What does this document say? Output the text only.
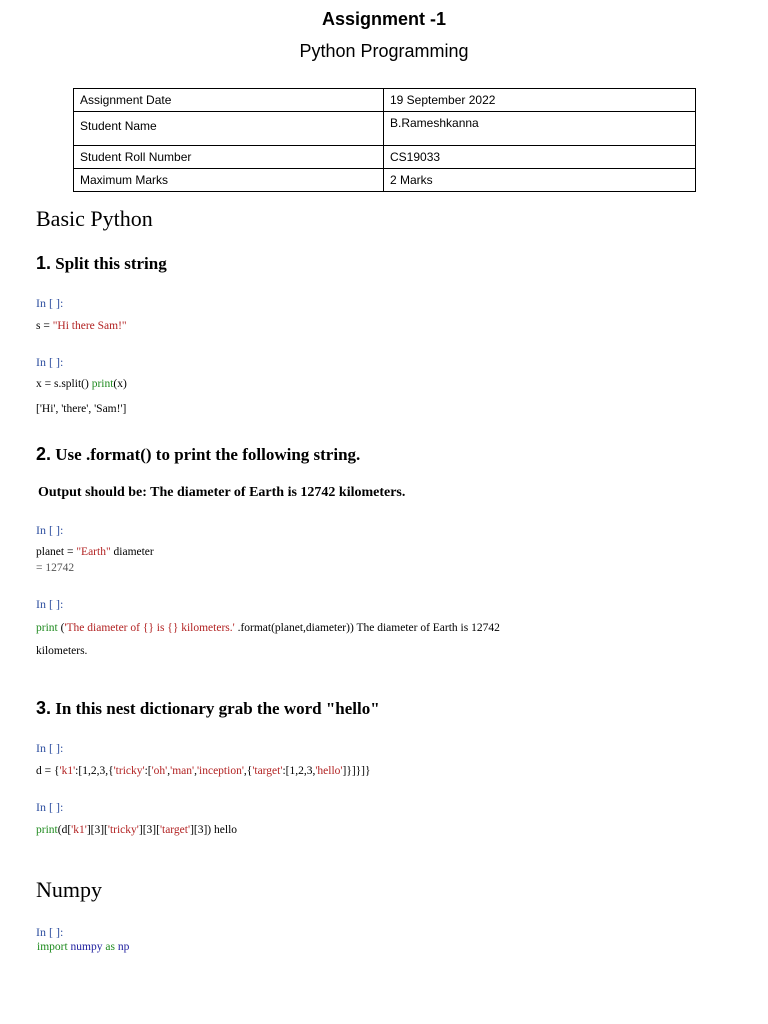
Assignment -1
Python Programming
Assignment Date	19 September 2022
Student Name	B.Rameshkanna
Student Roll Number	CS19033
Maximum Marks	2 Marks
Basic Python
1. Split this string
In [ ]:
s = "Hi there Sam!"
In [ ]:
x = s.split() print(x)
['Hi', 'there', 'Sam!']
2. Use .format() to print the following string.
Output should be: The diameter of Earth is 12742 kilometers.
In [ ]:
planet = "Earth" diameter
= 12742
In [ ]:
print ('The diameter of {} is {} kilometers.' .format(planet,diameter)) The diameter of Earth is 12742
kilometers.
3. In this nest dictionary grab the word "hello"
In [ ]:
d = {'k1':[1,2,3,{'tricky':['oh','man','inception',{'target':[1,2,3,'hello']}]}]}
In [ ]:
print(d['k1'][3]['tricky'][3]['target'][3]) hello
Numpy
In [ ]:
import numpy as np
